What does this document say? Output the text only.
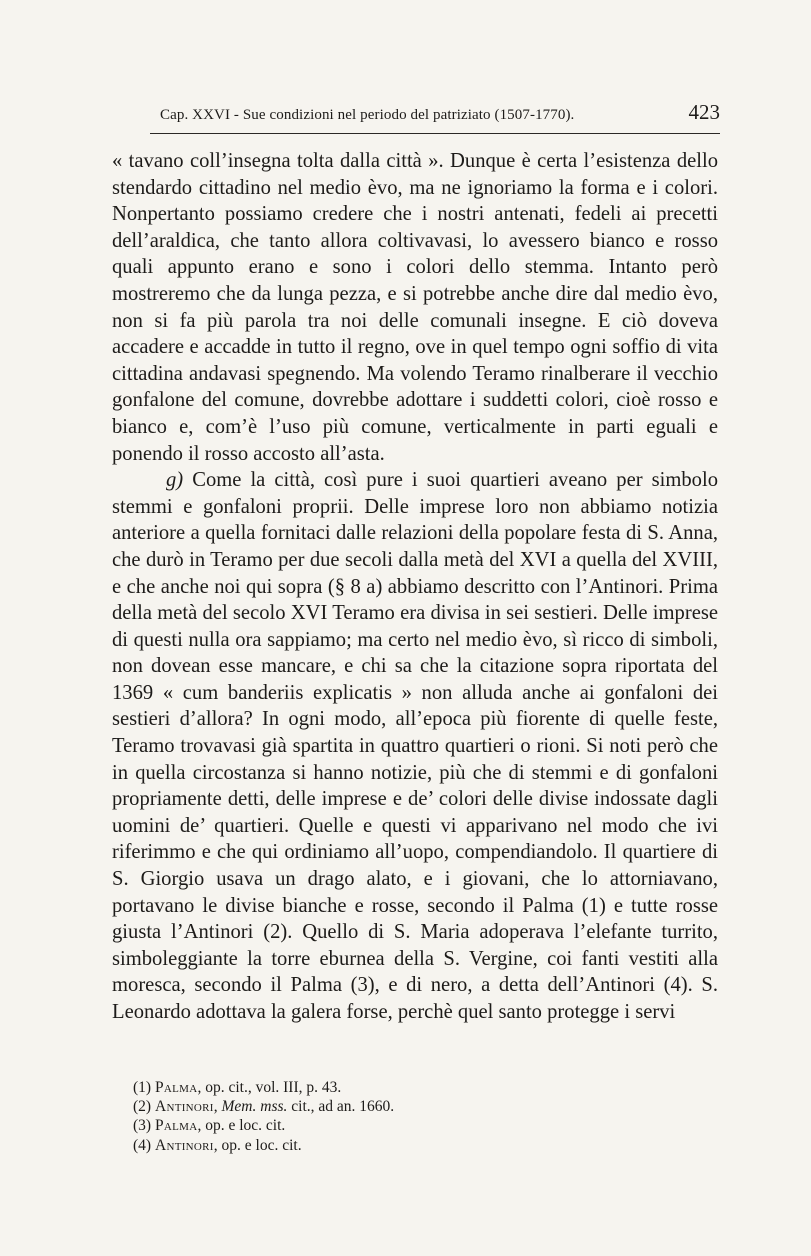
Cap. XXVI - Sue condizioni nel periodo del patriziato (1507-1770).	423

« tavano coll’insegna tolta dalla città ». Dunque è certa l’esistenza dello stendardo cittadino nel medio èvo, ma ne ignoriamo la forma e i colori. Nonpertanto possiamo credere che i nostri antenati, fedeli ai precetti dell’araldica, che tanto allora coltivavasi, lo avessero bianco e rosso quali appunto erano e sono i colori dello stemma. Intanto però mostreremo che da lunga pezza, e si potrebbe anche dire dal medio èvo, non si fa più parola tra noi delle comunali insegne. E ciò doveva accadere e accadde in tutto il regno, ove in quel tempo ogni soffio di vita cittadina andavasi spegnendo. Ma volendo Teramo rinalberare il vecchio gonfalone del comune, dovrebbe adottare i suddetti colori, cioè rosso e bianco e, com’è l’uso più comune, verticalmente in parti eguali e ponendo il rosso accosto all’asta.

g) Come la città, così pure i suoi quartieri aveano per simbolo stemmi e gonfaloni proprii. Delle imprese loro non abbiamo notizia anteriore a quella fornitaci dalle relazioni della popolare festa di S. Anna, che durò in Teramo per due secoli dalla metà del XVI a quella del XVIII, e che anche noi qui sopra (§ 8 a) abbiamo descritto con l’Antinori. Prima della metà del secolo XVI Teramo era divisa in sei sestieri. Delle imprese di questi nulla ora sappiamo; ma certo nel medio èvo, sì ricco di simboli, non dovean esse mancare, e chi sa che la citazione sopra riportata del 1369 « cum banderiis explicatis » non alluda anche ai gonfaloni dei sestieri d’allora? In ogni modo, all’epoca più fiorente di quelle feste, Teramo trovavasi già spartita in quattro quartieri o rioni. Si noti però che in quella circostanza si hanno notizie, più che di stemmi e di gonfaloni propriamente detti, delle imprese e de’ colori delle divise indossate dagli uomini de’ quartieri. Quelle e questi vi apparivano nel modo che ivi riferimmo e che qui ordiniamo all’uopo, compendiandolo. Il quartiere di S. Giorgio usava un drago alato, e i giovani, che lo attorniavano, portavano le divise bianche e rosse, secondo il Palma (1) e tutte rosse giusta l’Antinori (2). Quello di S. Maria adoperava l’elefante turrito, simboleggiante la torre eburnea della S. Vergine, coi fanti vestiti alla moresca, secondo il Palma (3), e di nero, a detta dell’Antinori (4). S. Leonardo adottava la galera forse, perchè quel santo protegge i servi

(1) Palma, op. cit., vol. III, p. 43.
(2) Antinori, Mem. mss. cit., ad an. 1660.
(3) Palma, op. e loc. cit.
(4) Antinori, op. e loc. cit.
